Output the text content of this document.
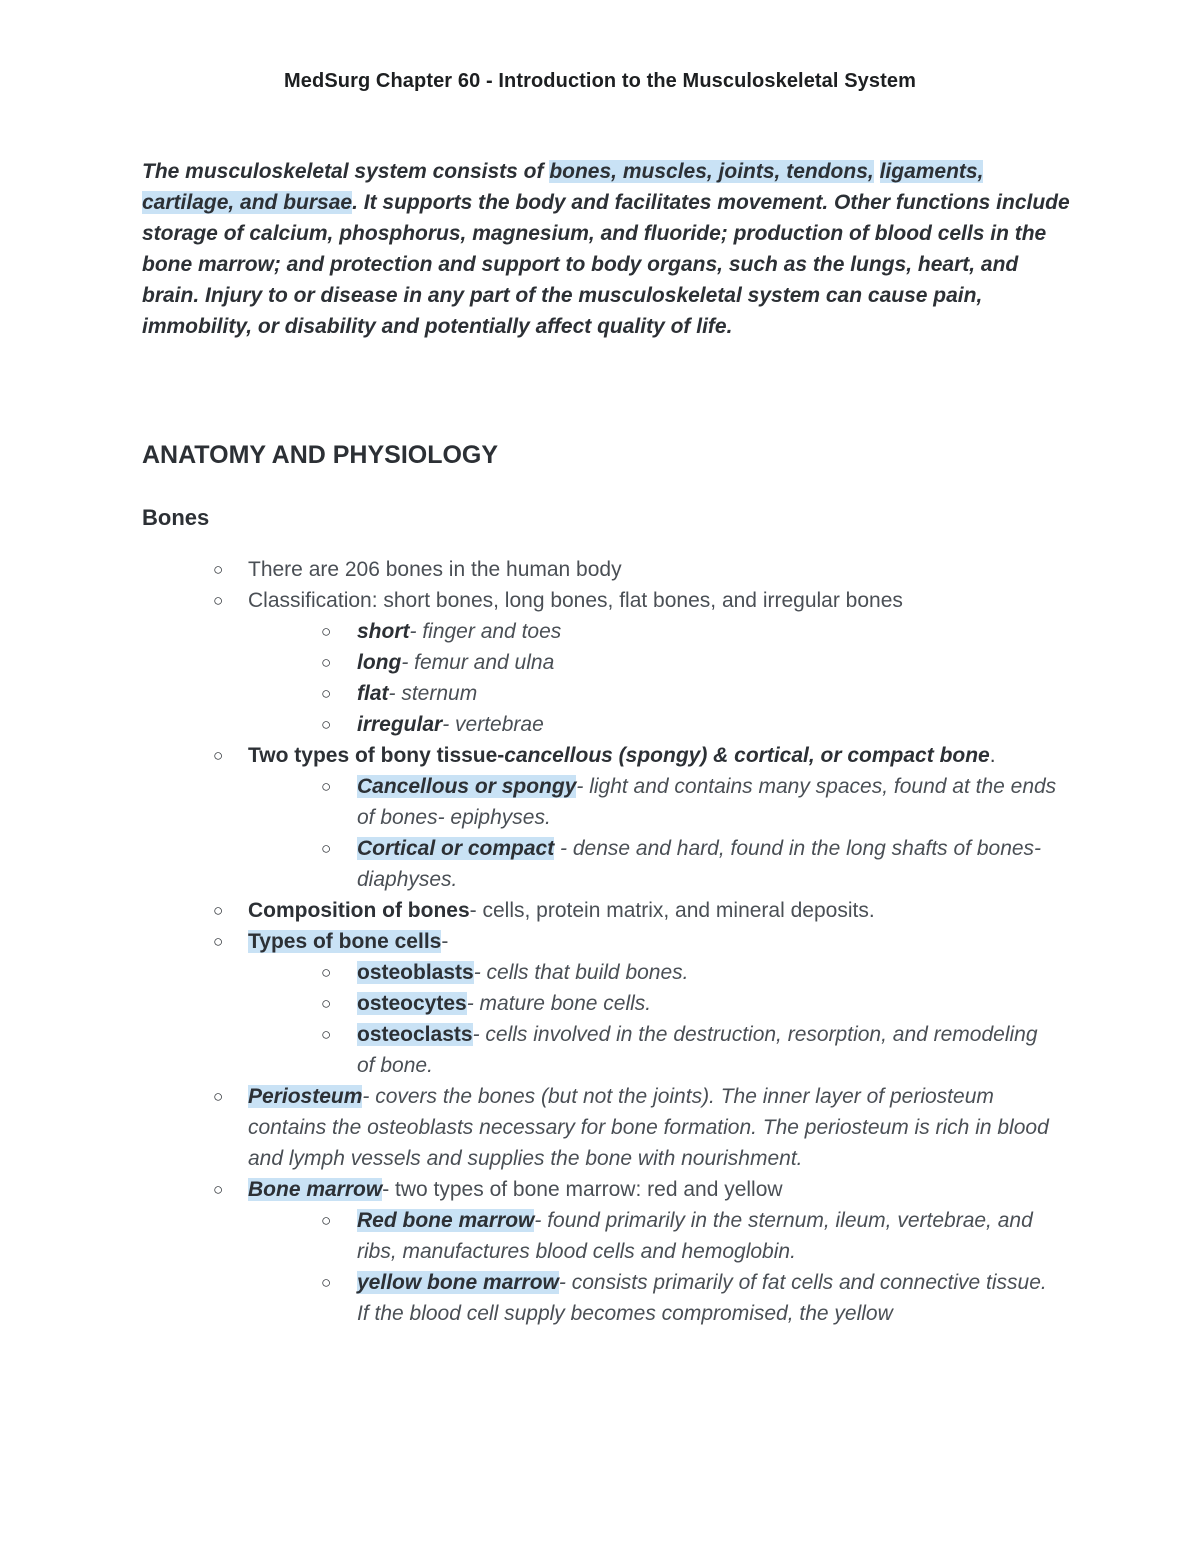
MedSurg Chapter 60 - Introduction to the Musculoskeletal System

The musculoskeletal system consists of bones, muscles, joints, tendons, ligaments, cartilage, and bursae. It supports the body and facilitates movement. Other functions include storage of calcium, phosphorus, magnesium, and fluoride; production of blood cells in the bone marrow; and protection and support to body organs, such as the lungs, heart, and brain. Injury to or disease in any part of the musculoskeletal system can cause pain, immobility, or disability and potentially affect quality of life.

ANATOMY AND PHYSIOLOGY
Bones

○ There are 206 bones in the human body

○ Classification: short bones, long bones, flat bones, and irregular bones

○ short- finger and toes

○ long- femur and ulna

○ flat- sternum

○ irregular- vertebrae

○ Two types of bony tissue-cancellous (spongy) & cortical, or compact bone.

○ Cancellous or spongy- light and contains many spaces, found at the ends of bones- epiphyses.

○ Cortical or compact - dense and hard, found in the long shafts of bones- diaphyses.

○ Composition of bones- cells, protein matrix, and mineral deposits.

○ Types of bone cells-

○ osteoblasts- cells that build bones.

○ osteocytes- mature bone cells.

○ osteoclasts- cells involved in the destruction, resorption, and remodeling of bone.

○ Periosteum- covers the bones (but not the joints). The inner layer of periosteum contains the osteoblasts necessary for bone formation. The periosteum is rich in blood and lymph vessels and supplies the bone with nourishment.

○ Bone marrow- two types of bone marrow: red and yellow

○ Red bone marrow- found primarily in the sternum, ileum, vertebrae, and ribs, manufactures blood cells and hemoglobin.

○ yellow bone marrow- consists primarily of fat cells and connective tissue. If the blood cell supply becomes compromised, the yellow
